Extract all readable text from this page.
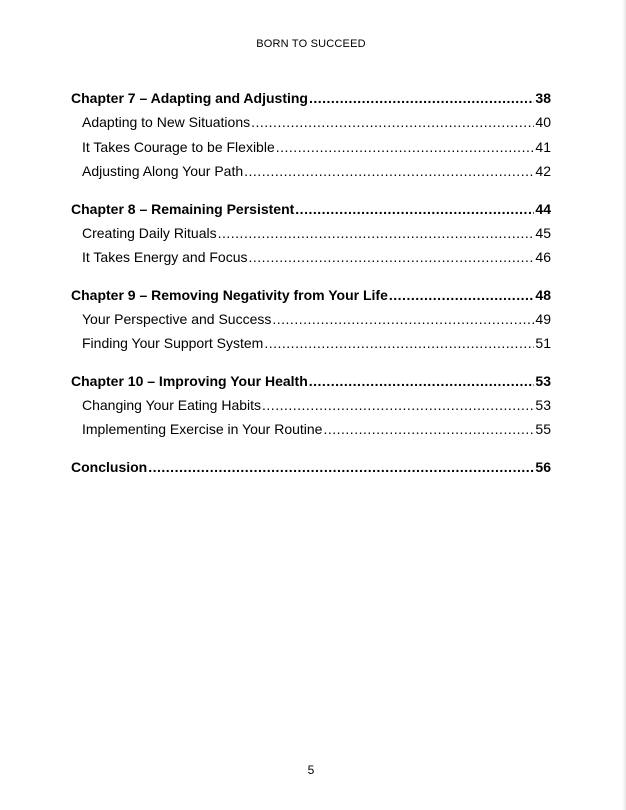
BORN TO SUCCEED
Chapter 7 – Adapting and Adjusting .....	38
Adapting to New Situations .....	40
It Takes Courage to be Flexible .....	41
Adjusting Along Your Path .....	42
Chapter 8 – Remaining Persistent .....	44
Creating Daily Rituals .....	45
It Takes Energy and Focus .....	46
Chapter 9 – Removing Negativity from Your Life .....	48
Your Perspective and Success .....	49
Finding Your Support System .....	51
Chapter 10 – Improving Your Health .....	53
Changing Your Eating Habits .....	53
Implementing Exercise in Your Routine .....	55
Conclusion .....	56
5
